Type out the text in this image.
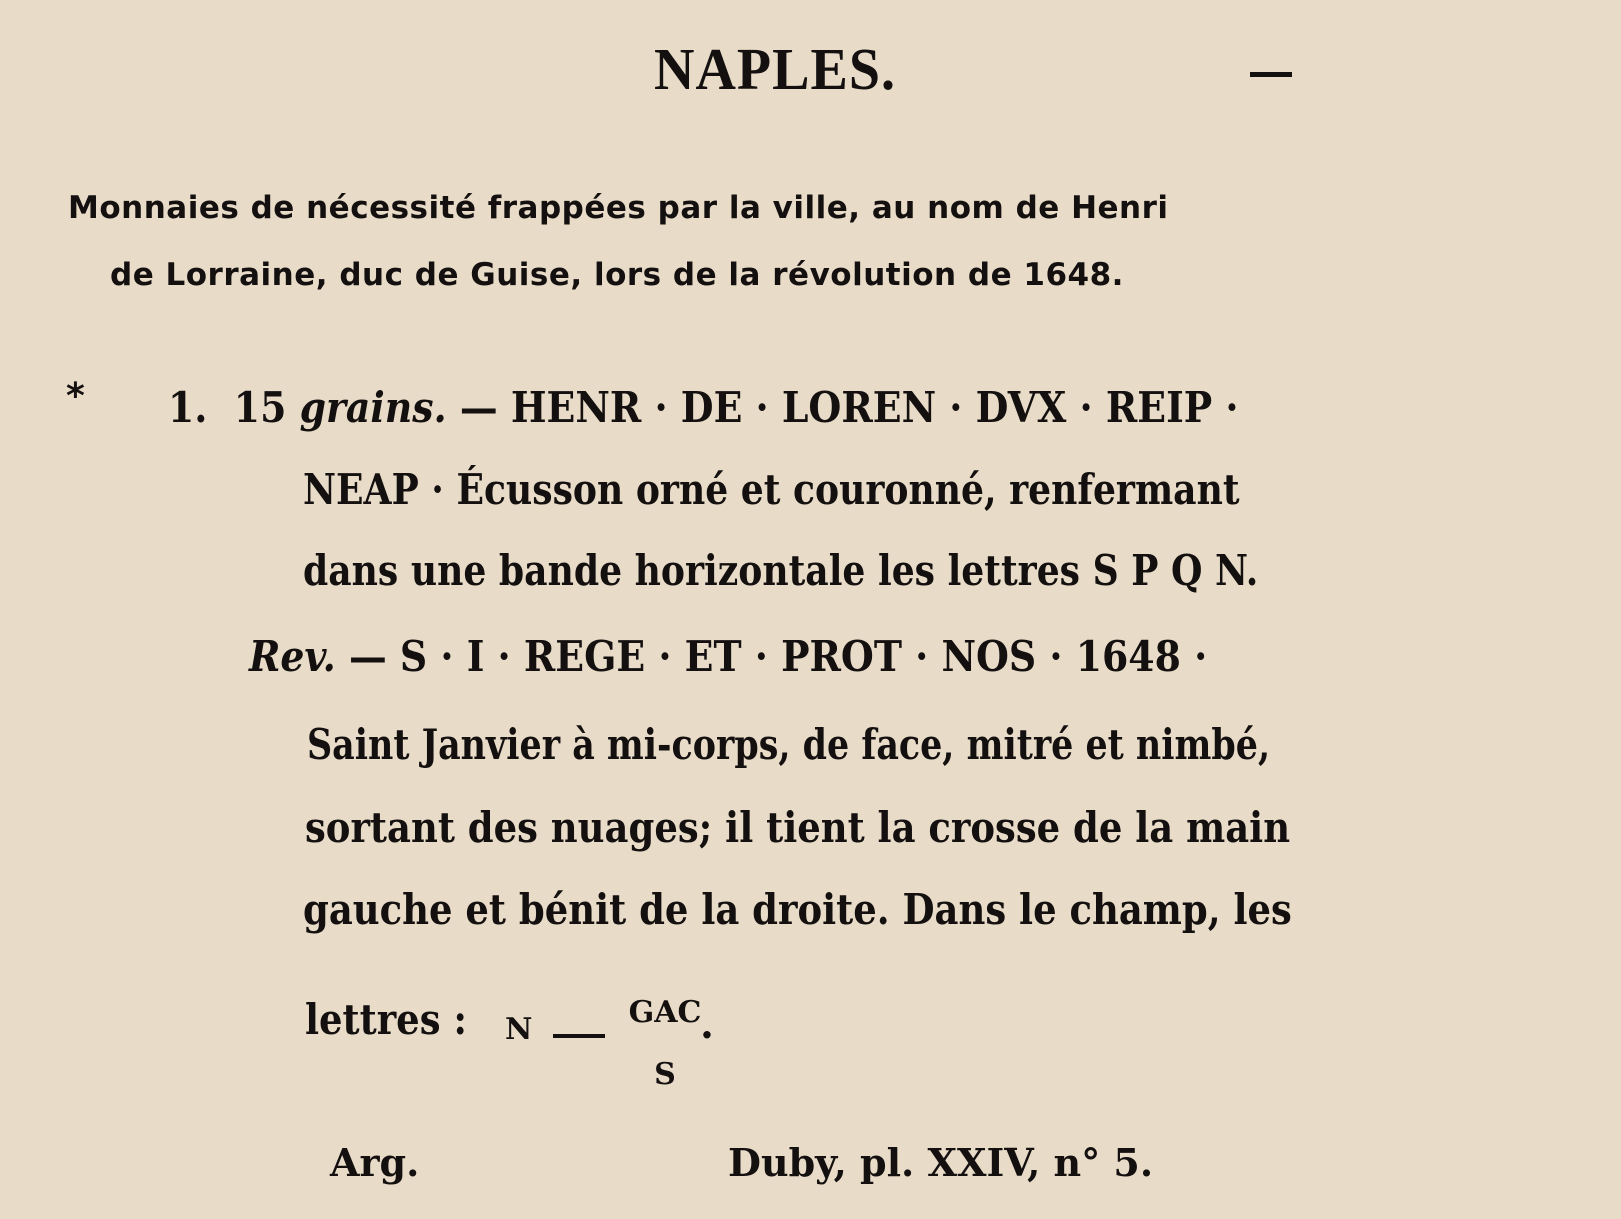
NAPLES.
Monnaies de nécessité frappées par la ville, au nom de Henri
de Lorraine, duc de Guise, lors de la révolution de 1648.
* 1. 15 grains. — HENR · DE · LOREN · DVX · REIP ·
NEAP · Écusson orné et couronné, renfermant
dans une bande horizontale les lettres S P Q N.
Rev. — S · I · REGE · ET · PROT · NOS · 1648 ·
Saint Janvier à mi-corps, de face, mitré et nimbé,
sortant des nuages; il tient la crosse de la main
gauche et bénit de la droite. Dans le champ, les
lettres :	N	GAC
S
.
Arg.	Duby, pl. XXIV, n° 5.
